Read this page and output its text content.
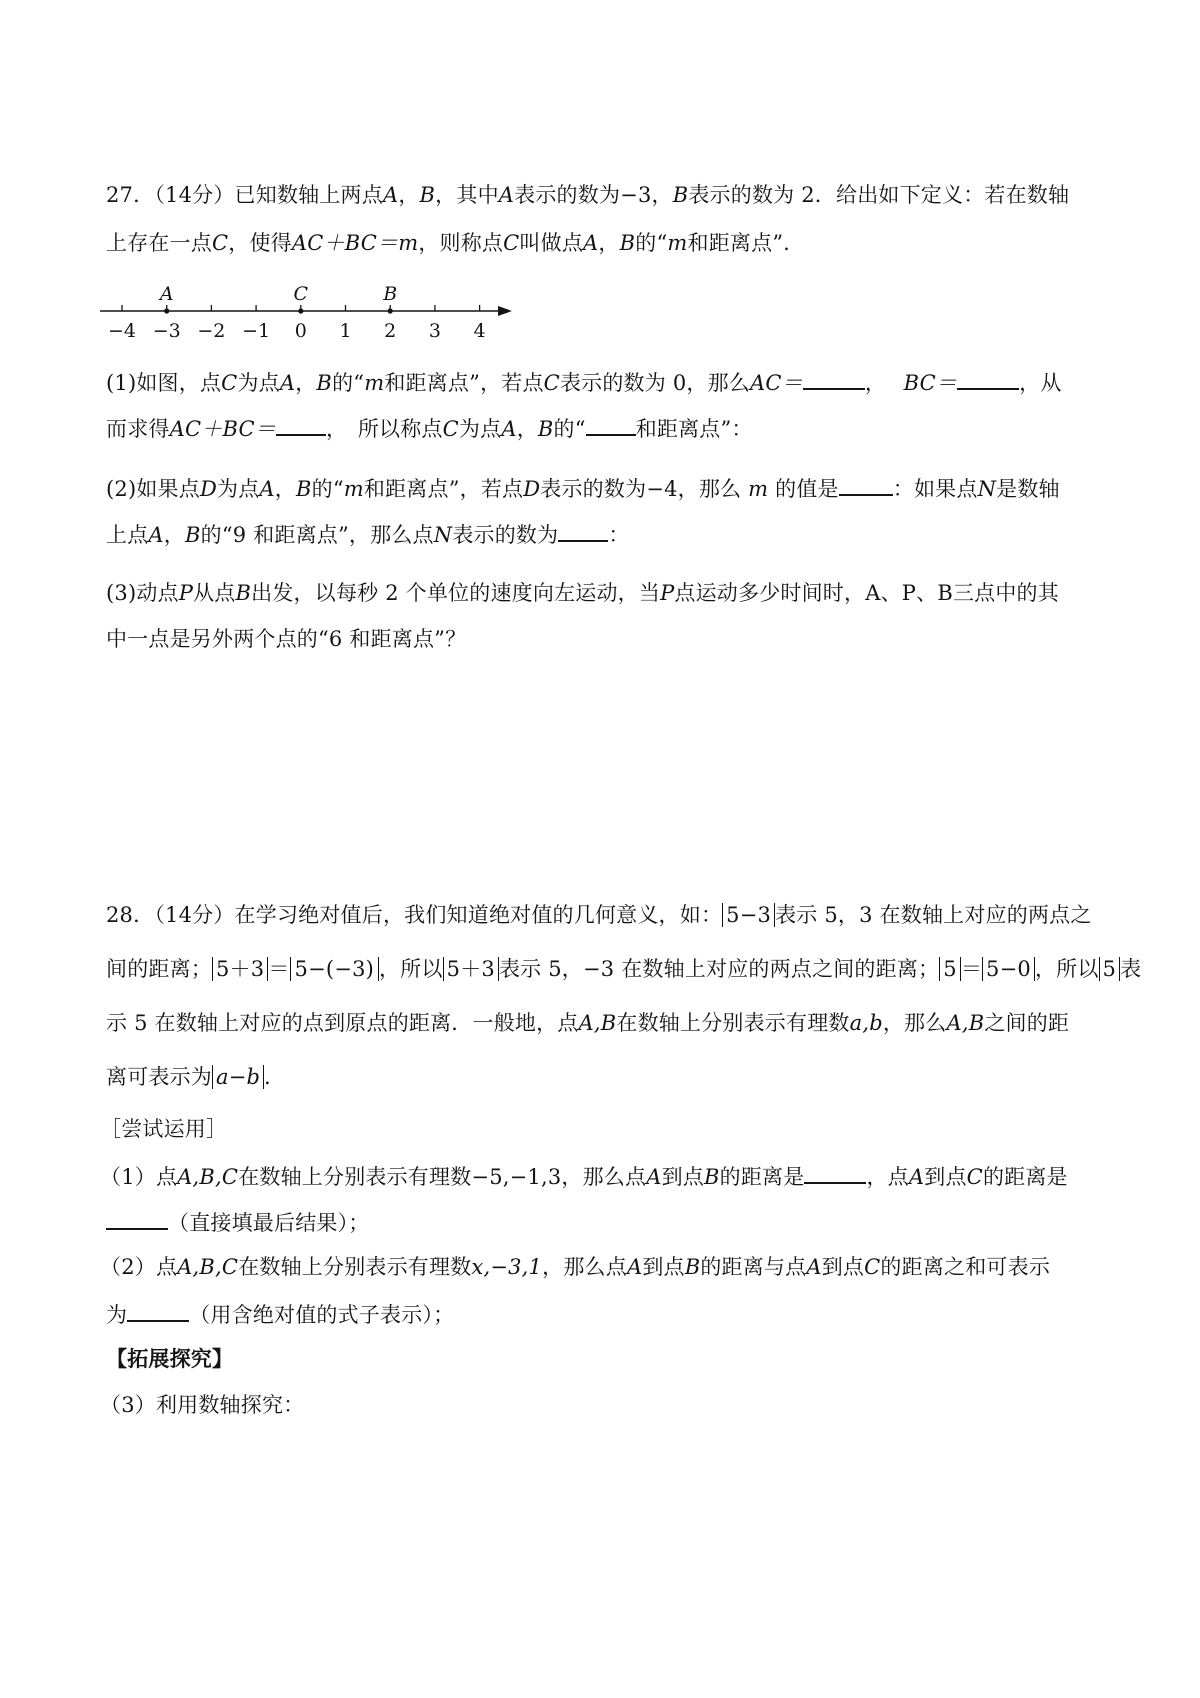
27．（14分）已知数轴上两点A，B，其中A表示的数为−3，B表示的数为 2．给出如下定义：若在数轴
上存在一点C，使得AC＋BC＝m，则称点C叫做点A，B的“m和距离点”．
−4 −3 −2 −1 0 1 2 3 4
A	C	B
(1)如图，点C为点A，B的“m和距离点”，若点C表示的数为 0，那么AC＝	，　 BC＝	，从
而求得AC＋BC＝ ，　所以称点C为点A，B的“ 和距离点”：
(2)如果点D为点A，B的“m和距离点”，若点D表示的数为−4，那么 m 的值是	：如果点N是数轴
上点A，B的“9 和距离点”，那么点N表示的数为 ：
(3)动点P从点B出发，以每秒 2 个单位的速度向左运动，当P点运动多少时间时，A、P、B三点中的其
中一点是另外两个点的“6 和距离点”？
28．（14分）在学习绝对值后，我们知道绝对值的几何意义，如： 5−3 表示 5，3 在数轴上对应的两点之
间的距离； 5＋3 ＝ 5−(−3) ，所以 5＋3 表示 5，−3 在数轴上对应的两点之间的距离； 5 ＝ 5−0 ，所以 5 表
示 5 在数轴上对应的点到原点的距离．一般地，点A,B在数轴上分别表示有理数a,b，那么A,B之间的距
离可表示为 a−b ．
［尝试运用］
（1）点A,B,C在数轴上分别表示有理数−5,−1,3，那么点A到点B的距离是	，点A到点C的距离是
（直接填最后结果）；
（2）点A,B,C在数轴上分别表示有理数x,−3,1，那么点A到点B的距离与点A到点C的距离之和可表示
为	（用含绝对值的式子表示）；
【拓展探究】
（3）利用数轴探究：
